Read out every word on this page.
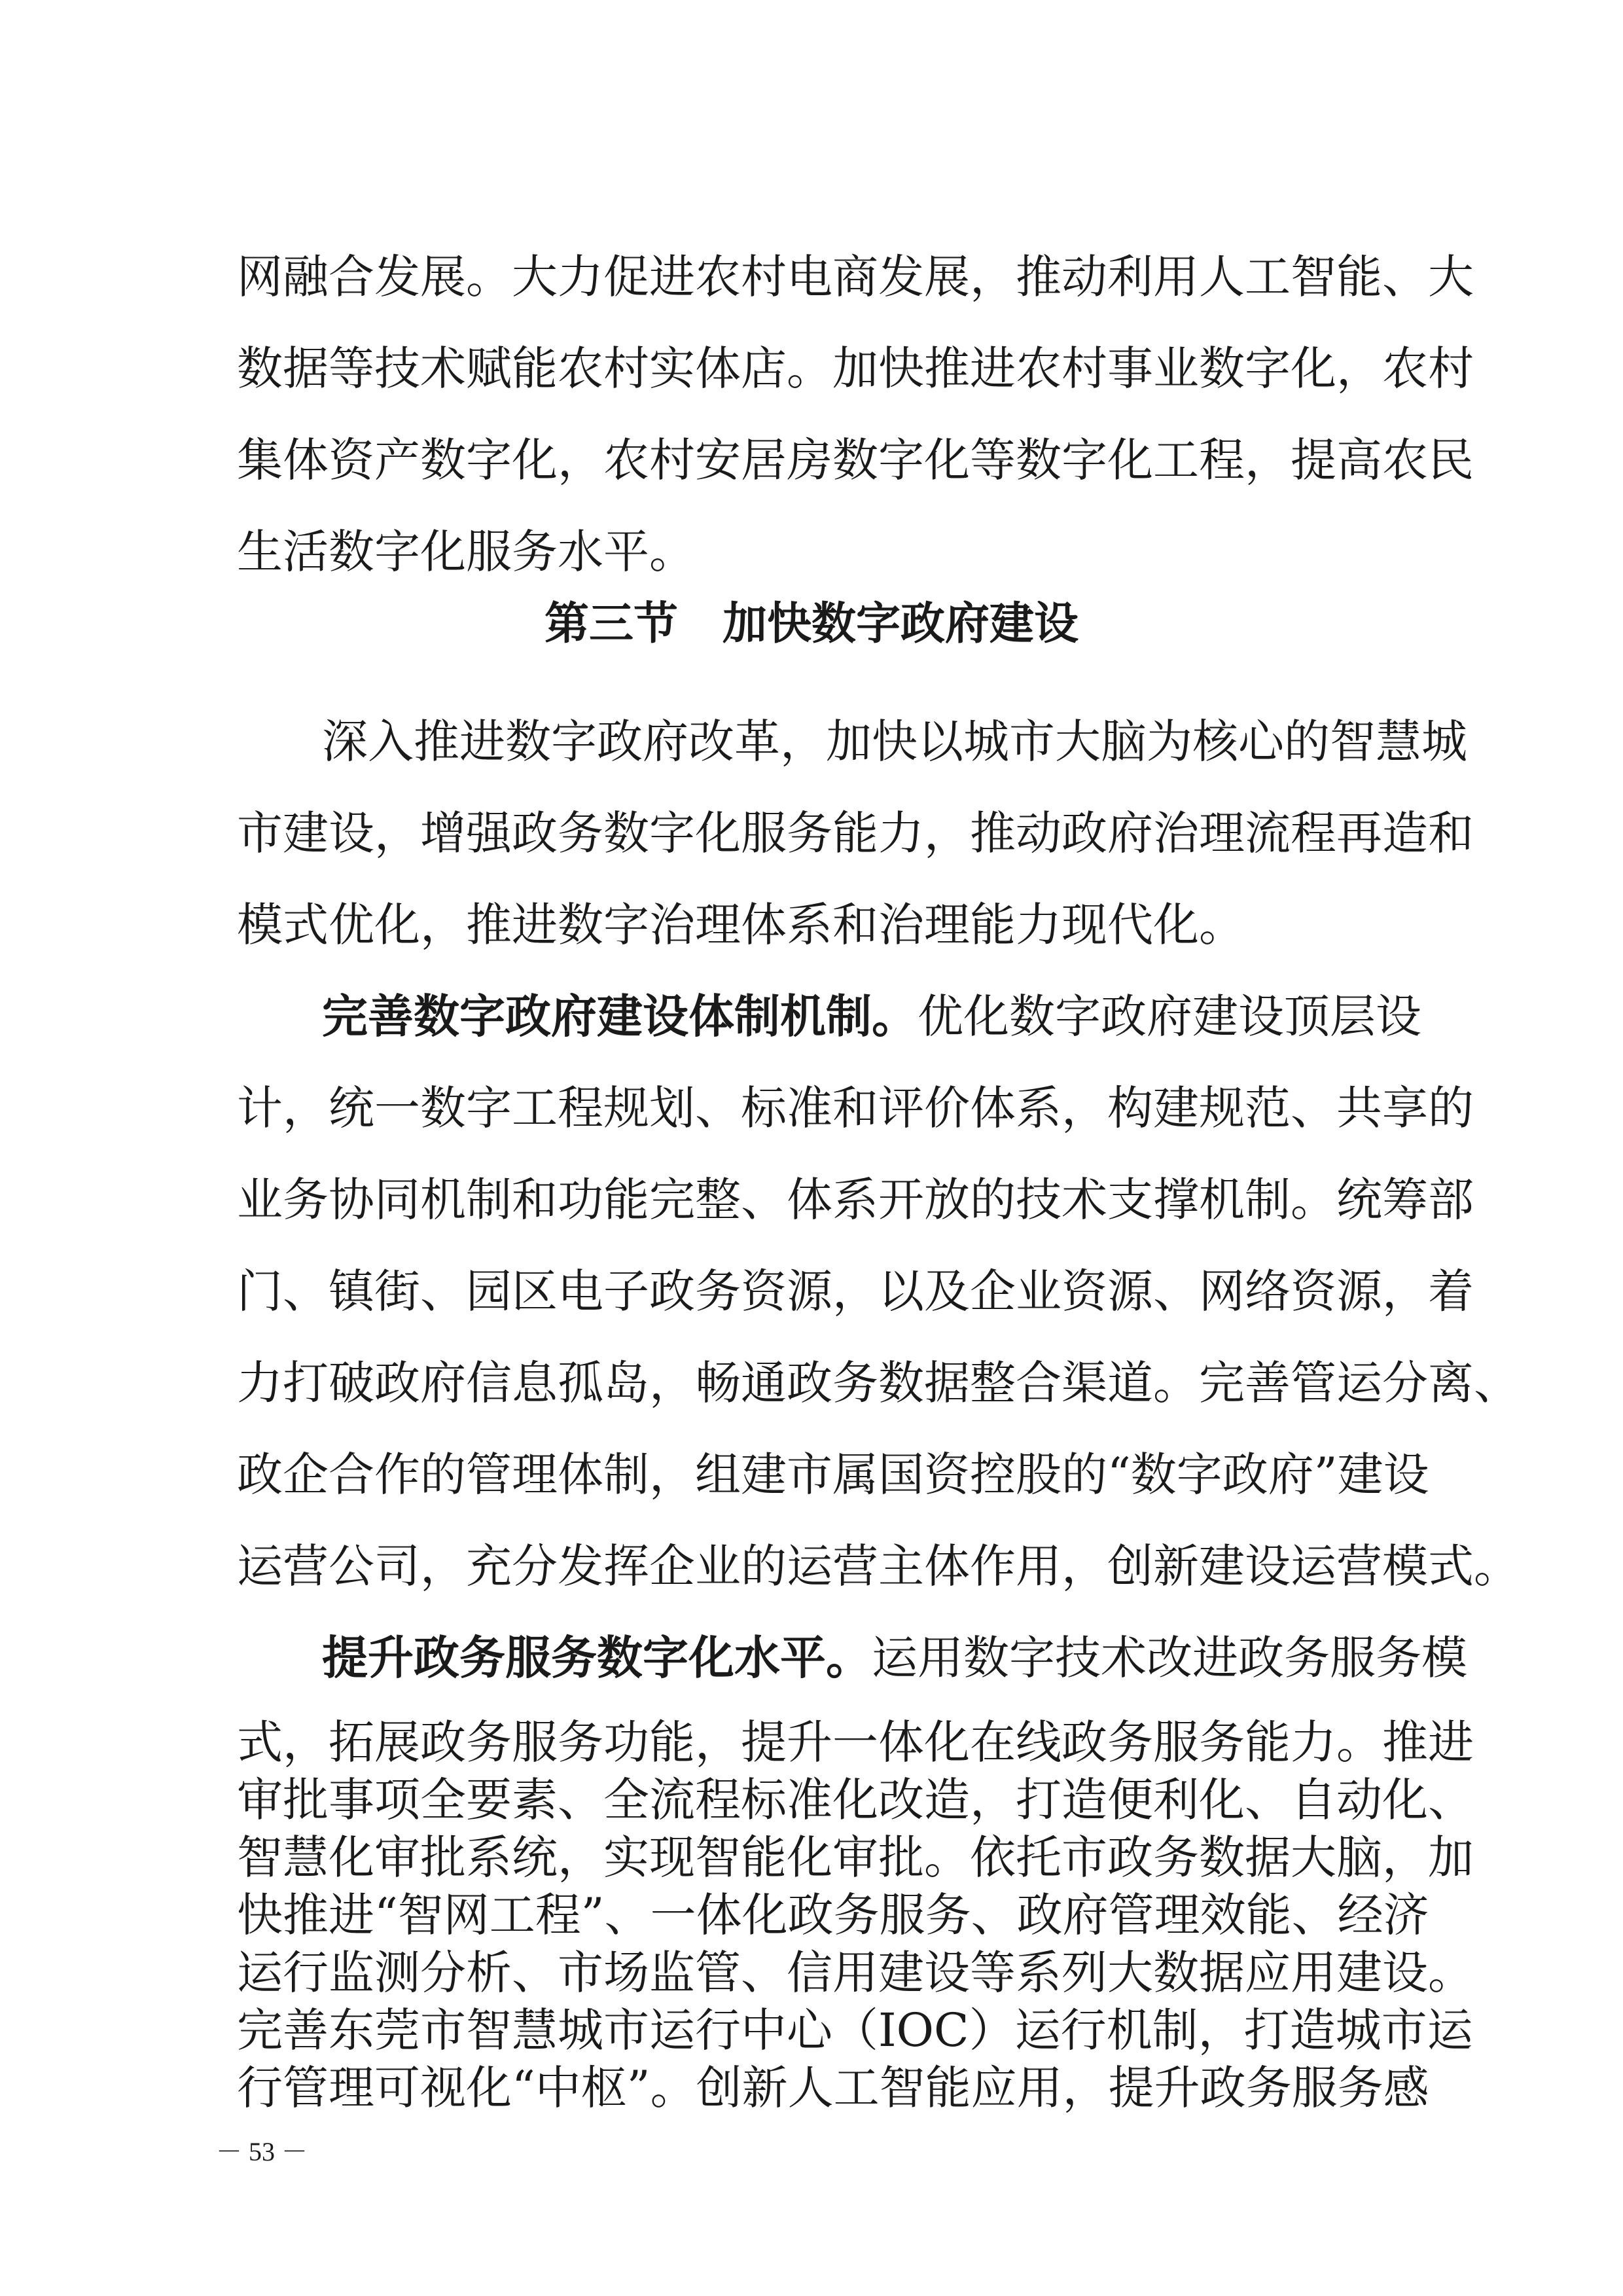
网融合发展。大力促进农村电商发展，推动利用人工智能、大
数据等技术赋能农村实体店。加快推进农村事业数字化，农村
集体资产数字化，农村安居房数字化等数字化工程，提高农民
生活数字化服务水平。
第三节　加快数字政府建设
深入推进数字政府改革，加快以城市大脑为核心的智慧城
市建设，增强政务数字化服务能力，推动政府治理流程再造和
模式优化，推进数字治理体系和治理能力现代化。
完善数字政府建设体制机制。优化数字政府建设顶层设
计，统一数字工程规划、标准和评价体系，构建规范、共享的
业务协同机制和功能完整、体系开放的技术支撑机制。统筹部
门、镇街、园区电子政务资源，以及企业资源、网络资源，着
力打破政府信息孤岛，畅通政务数据整合渠道。完善管运分离、
政企合作的管理体制，组建市属国资控股的“数字政府”建设
运营公司，充分发挥企业的运营主体作用，创新建设运营模式。
提升政务服务数字化水平。运用数字技术改进政务服务模
－ 53 －
式，拓展政务服务功能，提升一体化在线政务服务能力。推进
审批事项全要素、全流程标准化改造，打造便利化、自动化、
智慧化审批系统，实现智能化审批。依托市政务数据大脑，加
快推进“智网工程”、一体化政务服务、政府管理效能、经济
运行监测分析、市场监管、信用建设等系列大数据应用建设。
完善东莞市智慧城市运行中心（IOC）运行机制，打造城市运
行管理可视化“中枢”。创新人工智能应用，提升政务服务感
